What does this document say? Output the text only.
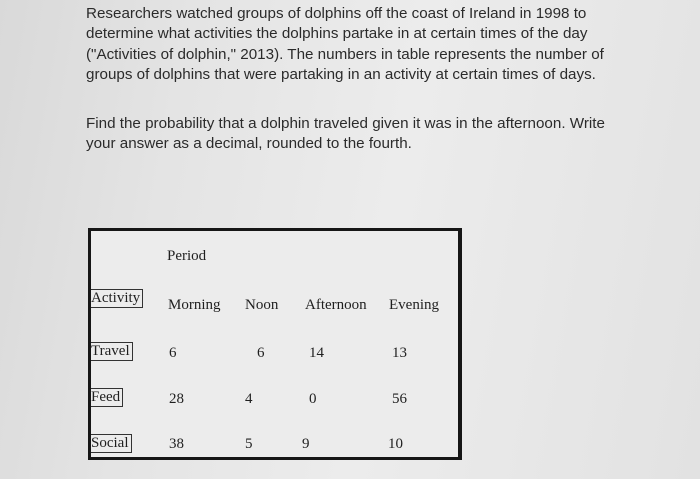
Researchers watched groups of dolphins off the coast of Ireland in 1998 to
determine what activities the dolphins partake in at certain times of the day
("Activities of dolphin," 2013). The numbers in table represents the number of
groups of dolphins that were partaking in an activity at certain times of days.
Find the probability that a dolphin traveled given it was in the afternoon. Write
your answer as a decimal, rounded to the fourth.
Period
Activity Morning Noon Afternoon Evening
Travel	6	6	14	13
Feed	28	4	0	56
Social	38	5	9	10
